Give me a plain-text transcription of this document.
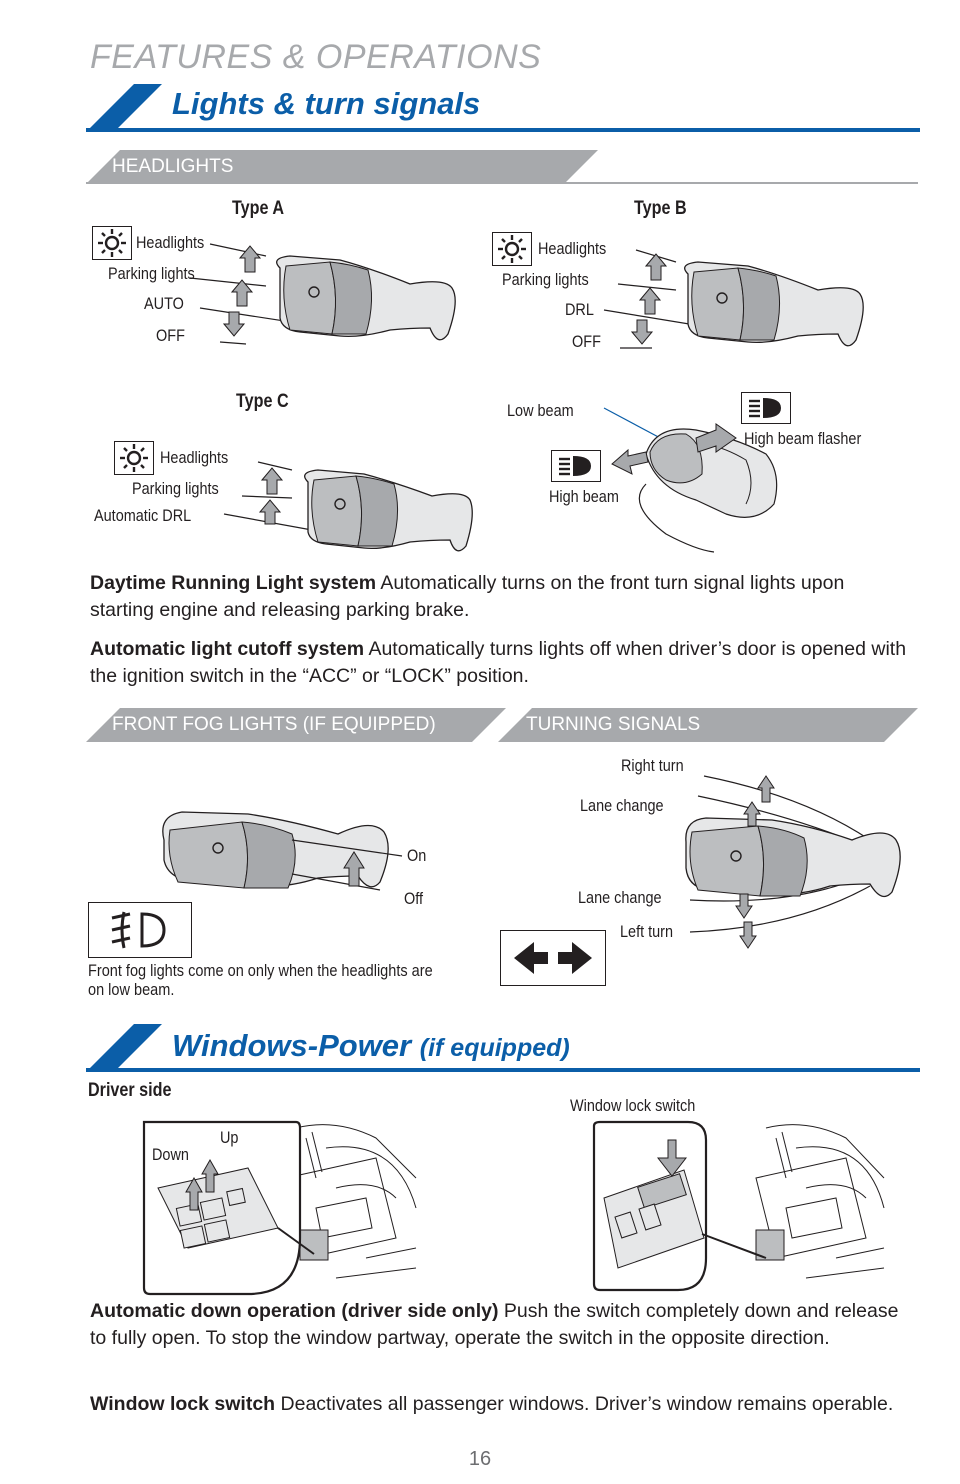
FEATURES & OPERATIONS
Lights & turn signals
HEADLIGHTS
Type A
Headlights
Parking lights
AUTO
OFF
Type B
Headlights
Parking lights
DRL
OFF
Type C
Headlights
Parking lights
Automatic DRL
Low beam
High beam flasher
High beam
Daytime Running Light system Automatically turns on the front turn signal lights upon starting engine and releasing parking brake.
Automatic light cutoff system Automatically turns lights off when driver’s door is opened with the ignition switch in the “ACC” or “LOCK” position.
FRONT FOG LIGHTS (IF EQUIPPED)	TURNING SIGNALS
On
Off
Front fog lights come on only when the headlights are on low beam.
Right turn
Lane change
Lane change
Left turn
Windows-Power (if equipped)
Driver side
Window lock switch
Down
Up
Automatic down operation (driver side only) Push the switch completely down and release to fully open. To stop the window partway, operate the switch in the opposite direction.
Window lock switch Deactivates all passenger windows. Driver’s window remains operable.
16
